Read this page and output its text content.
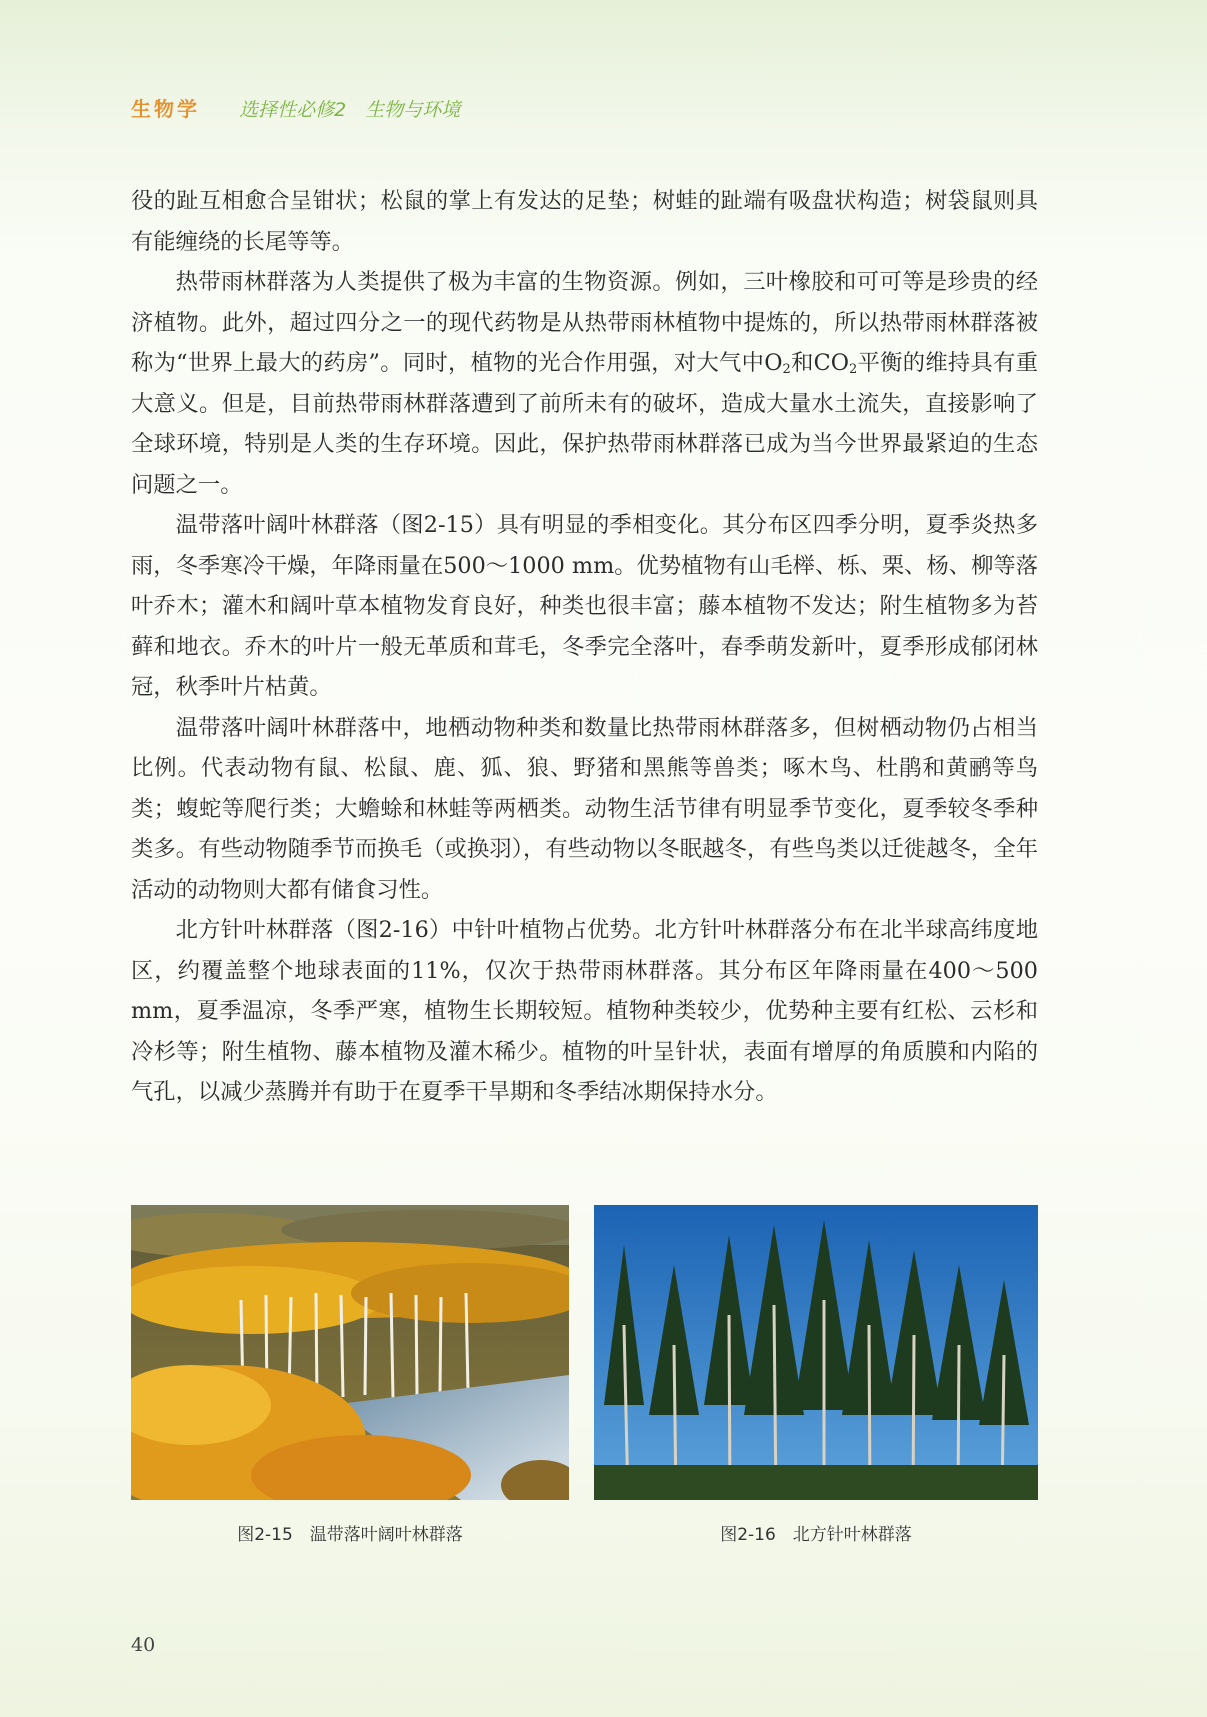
生物学 选择性必修2 生物与环境

役的趾互相愈合呈钳状；松鼠的掌上有发达的足垫；树蛙的趾端有吸盘状构造；树袋鼠则具有能缠绕的长尾等等。

热带雨林群落为人类提供了极为丰富的生物资源。例如，三叶橡胶和可可等是珍贵的经济植物。此外，超过四分之一的现代药物是从热带雨林植物中提炼的，所以热带雨林群落被称为“世界上最大的药房”。同时，植物的光合作用强，对大气中$O_2$和$CO_2$平衡的维持具有重大意义。但是，目前热带雨林群落遭到了前所未有的破坏，造成大量水土流失，直接影响了全球环境，特别是人类的生存环境。因此，保护热带雨林群落已成为当今世界最紧迫的生态问题之一。

温带落叶阔叶林群落（图2-15）具有明显的季相变化。其分布区四季分明，夏季炎热多雨，冬季寒冷干燥，年降雨量在500～1000 mm。优势植物有山毛榉、栎、栗、杨、柳等落叶乔木；灌木和阔叶草本植物发育良好，种类也很丰富；藤本植物不发达；附生植物多为苔藓和地衣。乔木的叶片一般无革质和茸毛，冬季完全落叶，春季萌发新叶，夏季形成郁闭林冠，秋季叶片枯黄。

温带落叶阔叶林群落中，地栖动物种类和数量比热带雨林群落多，但树栖动物仍占相当比例。代表动物有鼠、松鼠、鹿、狐、狼、野猪和黑熊等兽类；啄木鸟、杜鹃和黄鹂等鸟类；蝮蛇等爬行类；大蟾蜍和林蛙等两栖类。动物生活节律有明显季节变化，夏季较冬季种类多。有些动物随季节而换毛（或换羽），有些动物以冬眠越冬，有些鸟类以迁徙越冬，全年活动的动物则大都有储食习性。

北方针叶林群落（图2-16）中针叶植物占优势。北方针叶林群落分布在北半球高纬度地区，约覆盖整个地球表面的11%，仅次于热带雨林群落。其分布区年降雨量在400～500 mm，夏季温凉，冬季严寒，植物生长期较短。植物种类较少，优势种主要有红松、云杉和冷杉等；附生植物、藤本植物及灌木稀少。植物的叶呈针状，表面有增厚的角质膜和内陷的气孔，以减少蒸腾并有助于在夏季干旱期和冬季结冰期保持水分。

图2-15　温带落叶阔叶林群落	图2-16　北方针叶林群落
40
